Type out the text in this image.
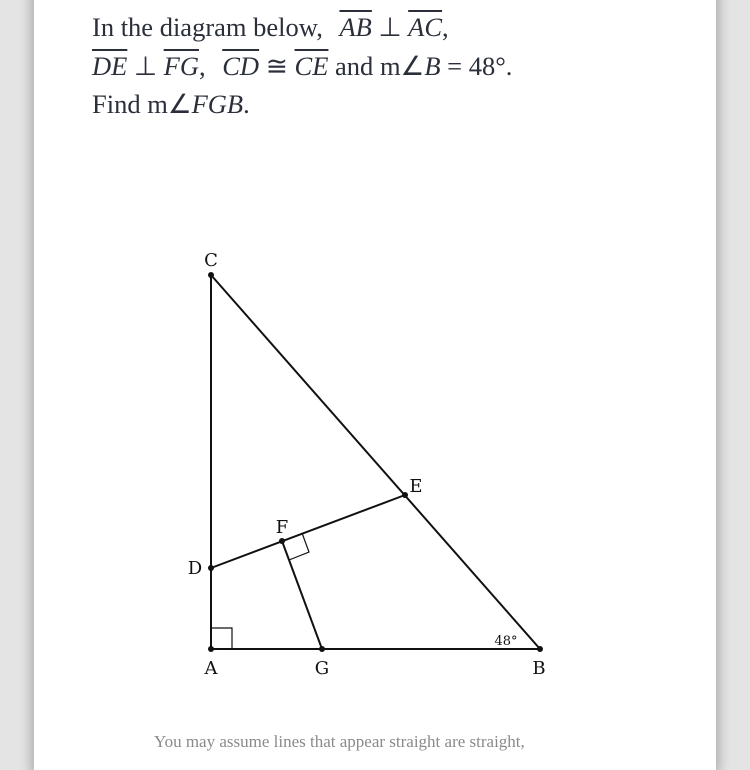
In the diagram below, $\overline{AB}$ ⊥ $\overline{AC}$,
$\overline{DE}$ ⊥ $\overline{FG}$, $\overline{CD}$ ≅ $\overline{CE}$ and m∠B = 48°.
Find m∠FGB.
C
D
A	G	B
E
F
48°
You may assume lines that appear straight are straight,
